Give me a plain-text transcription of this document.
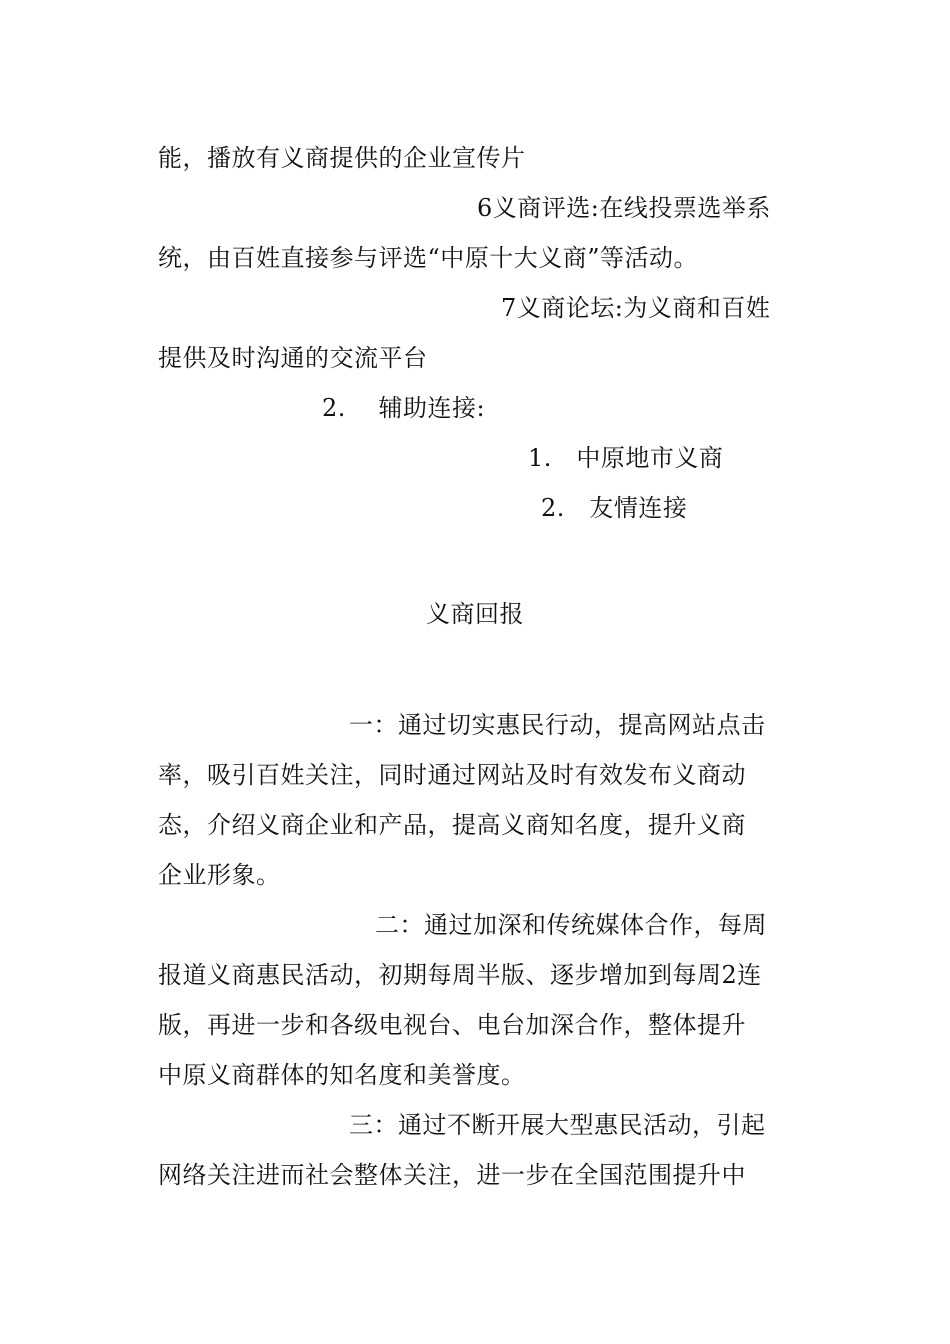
能，播放有义商提供的企业宣传片
6义商评选:在线投票选举系
统，由百姓直接参与评选“中原十大义商”等活动。
7义商论坛:为义商和百姓
提供及时沟通的交流平台
2.　 辅助连接:
1.　中原地市义商
2.　友情连接
义商回报
一：通过切实惠民行动，提高网站点击
率，吸引百姓关注，同时通过网站及时有效发布义商动
态，介绍义商企业和产品，提高义商知名度，提升义商
企业形象。
二：通过加深和传统媒体合作，每周
报道义商惠民活动，初期每周半版、逐步增加到每周2连
版，再进一步和各级电视台、电台加深合作，整体提升
中原义商群体的知名度和美誉度。
三：通过不断开展大型惠民活动，引起
网络关注进而社会整体关注，进一步在全国范围提升中
